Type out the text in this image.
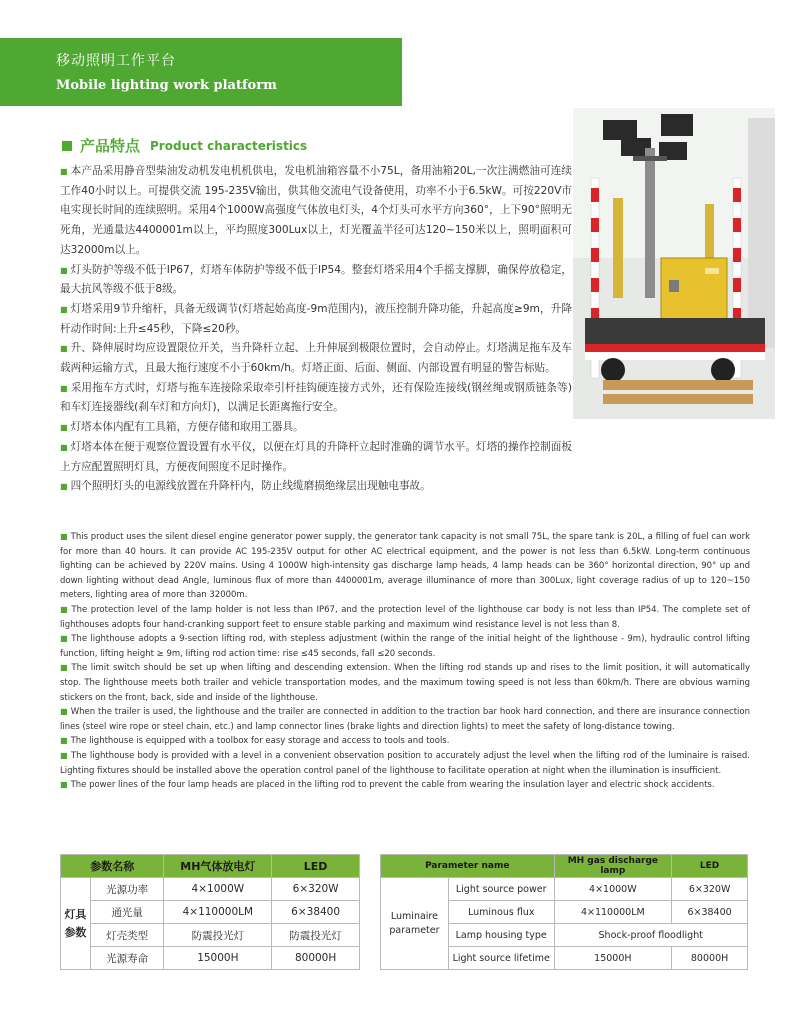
移动照明工作平台
Mobile lighting work platform
产品特点 Product characteristics

■ 本产品采用静音型柴油发动机发电机机供电，发电机油箱容量不小75L，备用油箱20L,一次注满燃油可连续工作40小时以上。可提供交流 195-235V输出，供其他交流电气设备使用，功率不小于6.5kW。可按220V市电实现长时间的连续照明。采用4个1000W高强度气体放电灯头，4个灯头可水平方向360°，上下90°照明无死角，光通量达4400001m以上，平均照度300Lux以上，灯光覆盖半径可达120~150米以上，照明面积可达32000m以上。

■ 灯头防护等级不低于IP67，灯塔车体防护等级不低于IP54。整套灯塔采用4个手摇支撑脚，确保停放稳定，最大抗风等级不低于8级。

■ 灯塔采用9节升缩杆，具备无级调节(灯塔起始高度-9m范围内)，液压控制升降功能，升起高度≥9m，升降杆动作时间:上升≤45秒，下降≤20秒。

■ 升、降伸展时均应设置限位开关，当升降杆立起、上升伸展到极限位置时，会自动停止。灯塔满足拖车及车载两种运输方式，且最大拖行速度不小于60km/h。灯塔正面、后面、侧面、内部设置有明显的警告标贴。

■ 采用拖车方式时，灯塔与拖车连接除采取牵引杆挂钩硬连接方式外，还有保险连接线(钢丝绳或钢质链条等)和车灯连接器线(刹车灯和方向灯)，以满足长距离拖行安全。

■ 灯塔本体内配有工具箱，方便存储和取用工器具。

■ 灯塔本体在便于观察位置设置有水平仪，以便在灯具的升降杆立起时准确的调节水平。灯塔的操作控制面板上方应配置照明灯具，方便夜间照度不足时操作。

■ 四个照明灯头的电源线放置在升降杆内，防止线缆磨损绝缘层出现触电事故。

■ This product uses the silent diesel engine generator power supply, the generator tank capacity is not small 75L, the spare tank is 20L, a filling of fuel can work for more than 40 hours. It can provide AC 195-235V output for other AC electrical equipment, and the power is not less than 6.5kW. Long-term continuous lighting can be achieved by 220V mains. Using 4 1000W high-intensity gas discharge lamp heads, 4 lamp heads can be 360° horizontal direction, 90° up and down lighting without dead Angle, luminous flux of more than 4400001m, average illuminance of more than 300Lux, light coverage radius of up to 120~150 meters, lighting area of more than 32000m.

■ The protection level of the lamp holder is not less than IP67, and the protection level of the lighthouse car body is not less than IP54. The complete set of lighthouses adopts four hand-cranking support feet to ensure stable parking and maximum wind resistance level is not less than 8.

■ The lighthouse adopts a 9-section lifting rod, with stepless adjustment (within the range of the initial height of the lighthouse - 9m), hydraulic control lifting function, lifting height ≥ 9m, lifting rod action time: rise ≤45 seconds, fall ≤20 seconds.

■ The limit switch should be set up when lifting and descending extension. When the lifting rod stands up and rises to the limit position, it will automatically stop. The lighthouse meets both trailer and vehicle transportation modes, and the maximum towing speed is not less than 60km/h. There are obvious warning stickers on the front, back, side and inside of the lighthouse.

■ When the trailer is used, the lighthouse and the trailer are connected in addition to the traction bar hook hard connection, and there are insurance connection lines (steel wire rope or steel chain, etc.) and lamp connector lines (brake lights and direction lights) to meet the safety of long-distance towing.

■ The lighthouse is equipped with a toolbox for easy storage and access to tools and tools.

■ The lighthouse body is provided with a level in a convenient observation position to accurately adjust the level when the lifting rod of the luminaire is raised. Lighting fixtures should be installed above the operation control panel of the lighthouse to facilitate operation at night when the illumination is insufficient.

■ The power lines of the four lamp heads are placed in the lifting rod to prevent the cable from wearing the insulation layer and electric shock accidents.

参数名称		MH气体放电灯	LED

灯具
参数	光源功率	4×1000W	6×320W
	通光量	4×110000LM	6×38400
	灯壳类型	防震投光灯	防震投光灯
	光源寿命	15000H	80000H
Parameter name		MH gas discharge lamp	LED

Luminaire
parameter	Light source power	4×1000W	6×320W
	Luminous flux	4×110000LM	6×38400
	Lamp housing type	Shock-proof floodlight	
	Light source lifetime	15000H	80000H
